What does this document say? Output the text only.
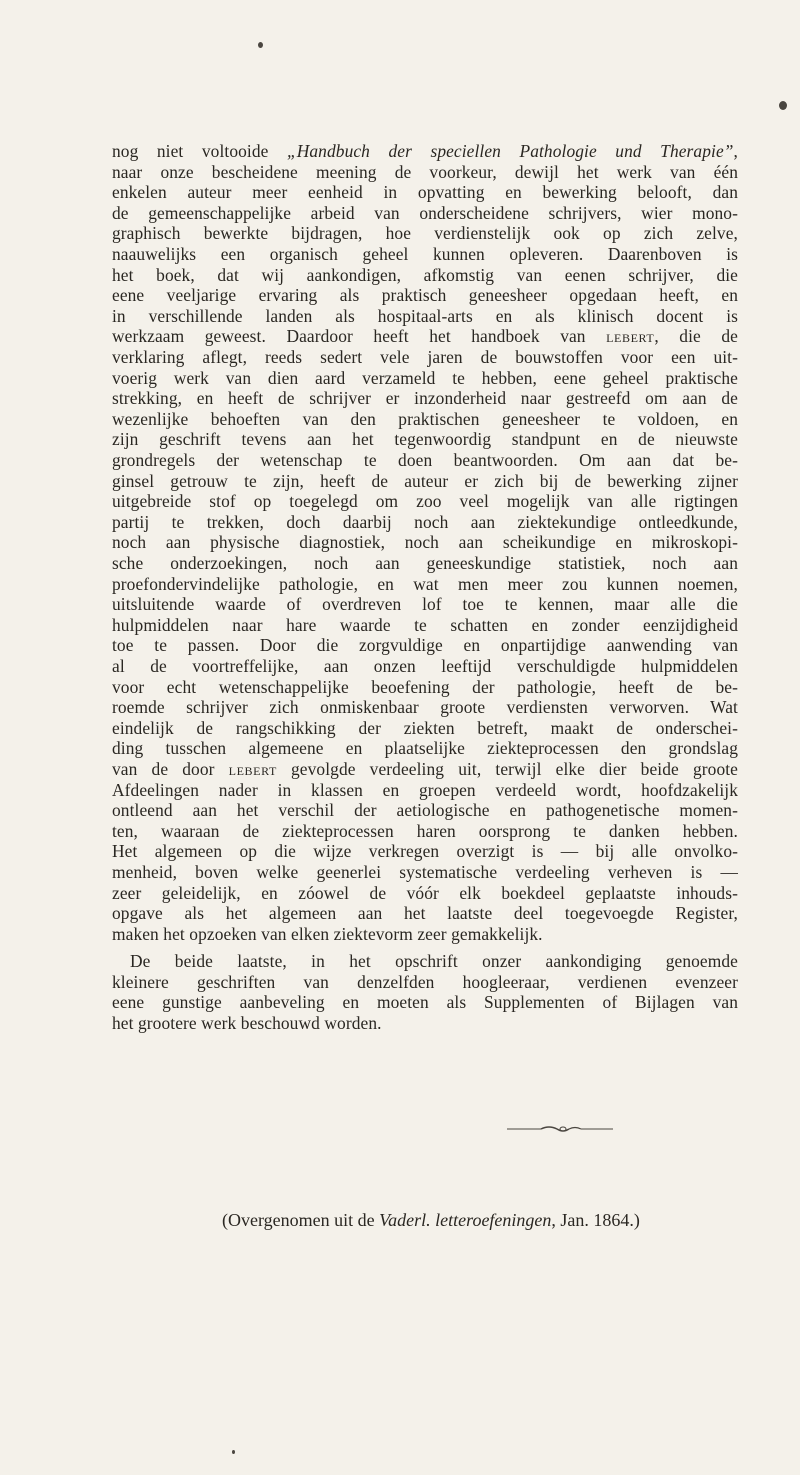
nog niet voltooide „Handbuch der speciellen Pathologie und Therapie”,
naar onze bescheidene meening de voorkeur, dewijl het werk van één
enkelen auteur meer eenheid in opvatting en bewerking belooft, dan
de gemeenschappelijke arbeid van onderscheidene schrijvers, wier mono-
graphisch bewerkte bijdragen, hoe verdienstelijk ook op zich zelve,
naauwelijks een organisch geheel kunnen opleveren. Daarenboven is
het boek, dat wij aankondigen, afkomstig van eenen schrijver, die
eene veeljarige ervaring als praktisch geneesheer opgedaan heeft, en
in verschillende landen als hospitaal-arts en als klinisch docent is
werkzaam geweest. Daardoor heeft het handboek van lebert, die de
verklaring aflegt, reeds sedert vele jaren de bouwstoffen voor een uit-
voerig werk van dien aard verzameld te hebben, eene geheel praktische
strekking, en heeft de schrijver er inzonderheid naar gestreefd om aan de
wezenlijke behoeften van den praktischen geneesheer te voldoen, en
zijn geschrift tevens aan het tegenwoordig standpunt en de nieuwste
grondregels der wetenschap te doen beantwoorden. Om aan dat be-
ginsel getrouw te zijn, heeft de auteur er zich bij de bewerking zijner
uitgebreide stof op toegelegd om zoo veel mogelijk van alle rigtingen
partij te trekken, doch daarbij noch aan ziektekundige ontleedkunde,
noch aan physische diagnostiek, noch aan scheikundige en mikroskopi-
sche onderzoekingen, noch aan geneeskundige statistiek, noch aan
proefondervindelijke pathologie, en wat men meer zou kunnen noemen,
uitsluitende waarde of overdreven lof toe te kennen, maar alle die
hulpmiddelen naar hare waarde te schatten en zonder eenzijdigheid
toe te passen. Door die zorgvuldige en onpartijdige aanwending van
al de voortreffelijke, aan onzen leeftijd verschuldigde hulpmiddelen
voor echt wetenschappelijke beoefening der pathologie, heeft de be-
roemde schrijver zich onmiskenbaar groote verdiensten verworven. Wat
eindelijk de rangschikking der ziekten betreft, maakt de onderschei-
ding tusschen algemeene en plaatselijke ziekteprocessen den grondslag
van de door lebert gevolgde verdeeling uit, terwijl elke dier beide groote
Afdeelingen nader in klassen en groepen verdeeld wordt, hoofdzakelijk
ontleend aan het verschil der aetiologische en pathogenetische momen-
ten, waaraan de ziekteprocessen haren oorsprong te danken hebben.
Het algemeen op die wijze verkregen overzigt is — bij alle onvolko-
menheid, boven welke geenerlei systematische verdeeling verheven is —
zeer geleidelijk, en zóowel de vóór elk boekdeel geplaatste inhouds-
opgave als het algemeen aan het laatste deel toegevoegde Register,
maken het opzoeken van elken ziektevorm zeer gemakkelijk.
De beide laatste, in het opschrift onzer aankondiging genoemde
kleinere geschriften van denzelfden hoogleeraar, verdienen evenzeer
eene gunstige aanbeveling en moeten als Supplementen of Bijlagen van
het grootere werk beschouwd worden.
(Overgenomen uit de Vaderl. letteroefeningen, Jan. 1864.)
